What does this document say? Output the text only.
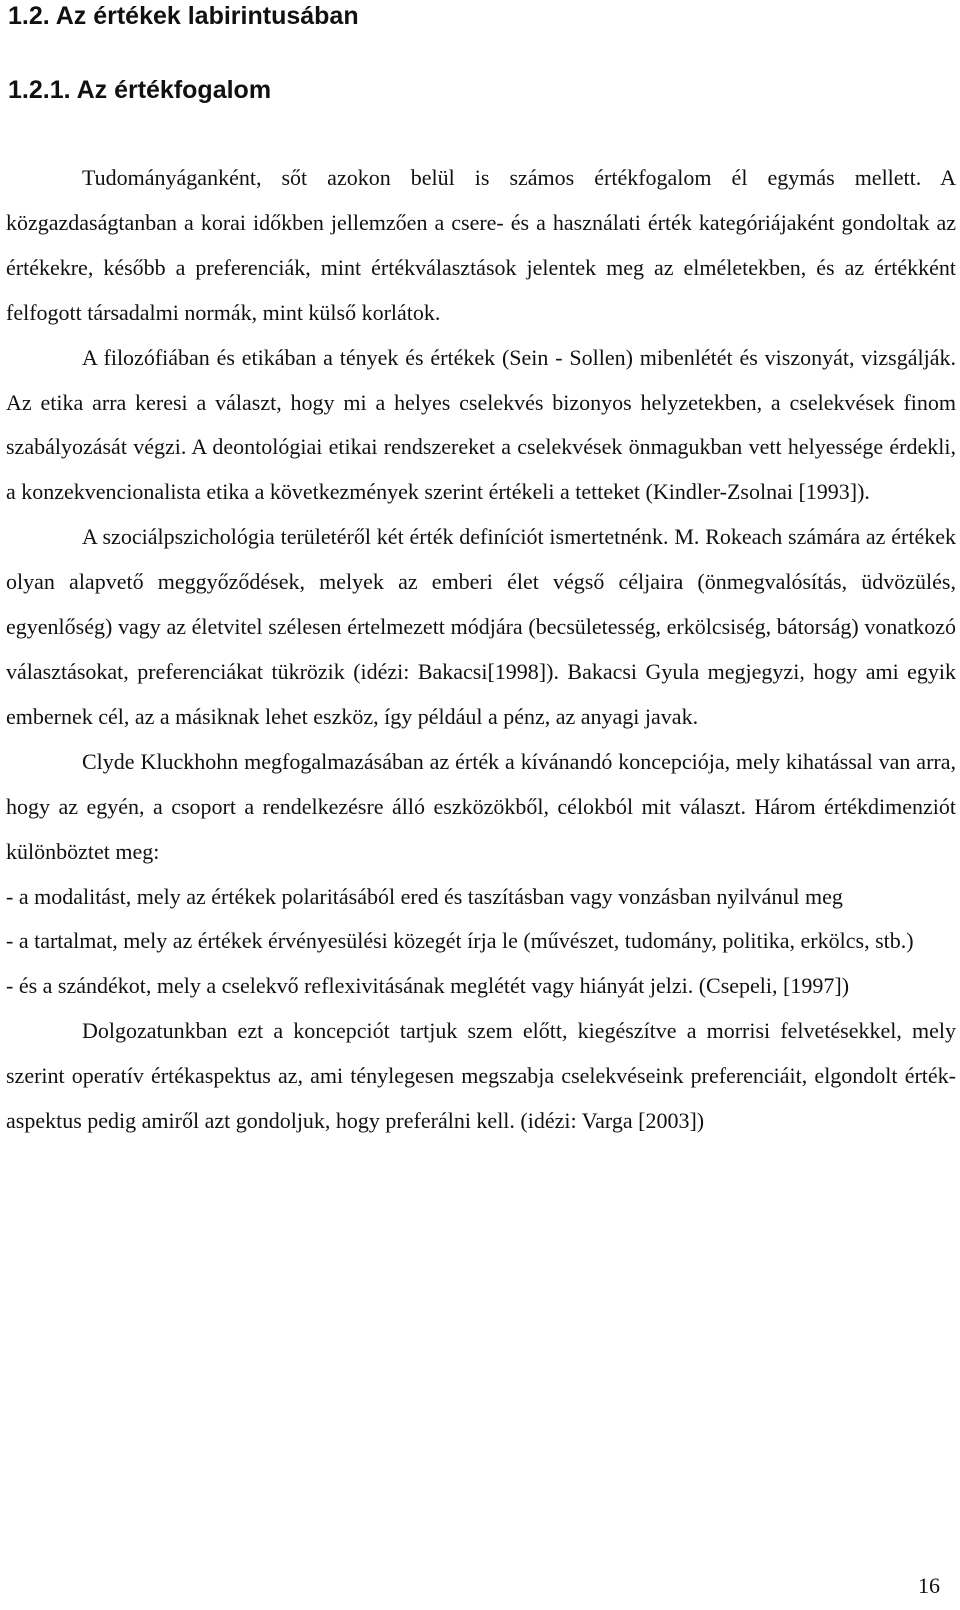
1.2. Az értékek labirintusában
1.2.1. Az értékfogalom

Tudományáganként, sőt azokon belül is számos értékfogalom él egymás mellett. A közgazdaságtanban a korai időkben jellemzően a csere- és a használati érték kategóriájaként gondoltak az értékekre, később a preferenciák, mint értékválasztások jelentek meg az elméletekben, és az értékként felfogott társadalmi normák, mint külső korlátok.

A filozófiában és etikában a tények és értékek (Sein - Sollen) mibenlétét és viszonyát, vizsgálják. Az etika arra keresi a választ, hogy mi a helyes cselekvés bizonyos helyzetekben, a cselekvések finom szabályozását végzi. A deontológiai etikai rendszereket a cselekvések önmagukban vett helyessége érdekli, a konzekvencionalista etika a következmények szerint értékeli a tetteket (Kindler-Zsolnai [1993]).

A szociálpszichológia területéről két érték definíciót ismertetnénk. M. Rokeach számára az értékek olyan alapvető meggyőződések, melyek az emberi élet végső céljaira (önmegvalósítás, üdvözülés, egyenlőség) vagy az életvitel szélesen értelmezett módjára (becsületesség, erkölcsiség, bátorság) vonatkozó választásokat, preferenciákat tükrözik (idézi: Bakacsi[1998]). Bakacsi Gyula megjegyzi, hogy ami egyik embernek cél, az a másiknak lehet eszköz, így például a pénz, az anyagi javak.

Clyde Kluckhohn megfogalmazásában az érték a kívánandó koncepciója, mely kihatással van arra, hogy az egyén, a csoport a rendelkezésre álló eszközökből, célokból mit választ. Három értékdimenziót különböztet meg:

- a modalitást, mely az értékek polaritásából ered és taszításban vagy vonzásban nyilvánul meg

- a tartalmat, mely az értékek érvényesülési közegét írja le (művészet, tudomány, politika, erkölcs, stb.)

- és a szándékot, mely a cselekvő reflexivitásának meglétét vagy hiányát jelzi. (Csepeli, [1997])

Dolgozatunkban ezt a koncepciót tartjuk szem előtt, kiegészítve a morrisi felvetésekkel, mely szerint operatív értékaspektus az, ami ténylegesen megszabja cselekvéseink preferenciáit, elgondolt érték-aspektus pedig amiről azt gondoljuk, hogy preferálni kell. (idézi: Varga [2003])

16
